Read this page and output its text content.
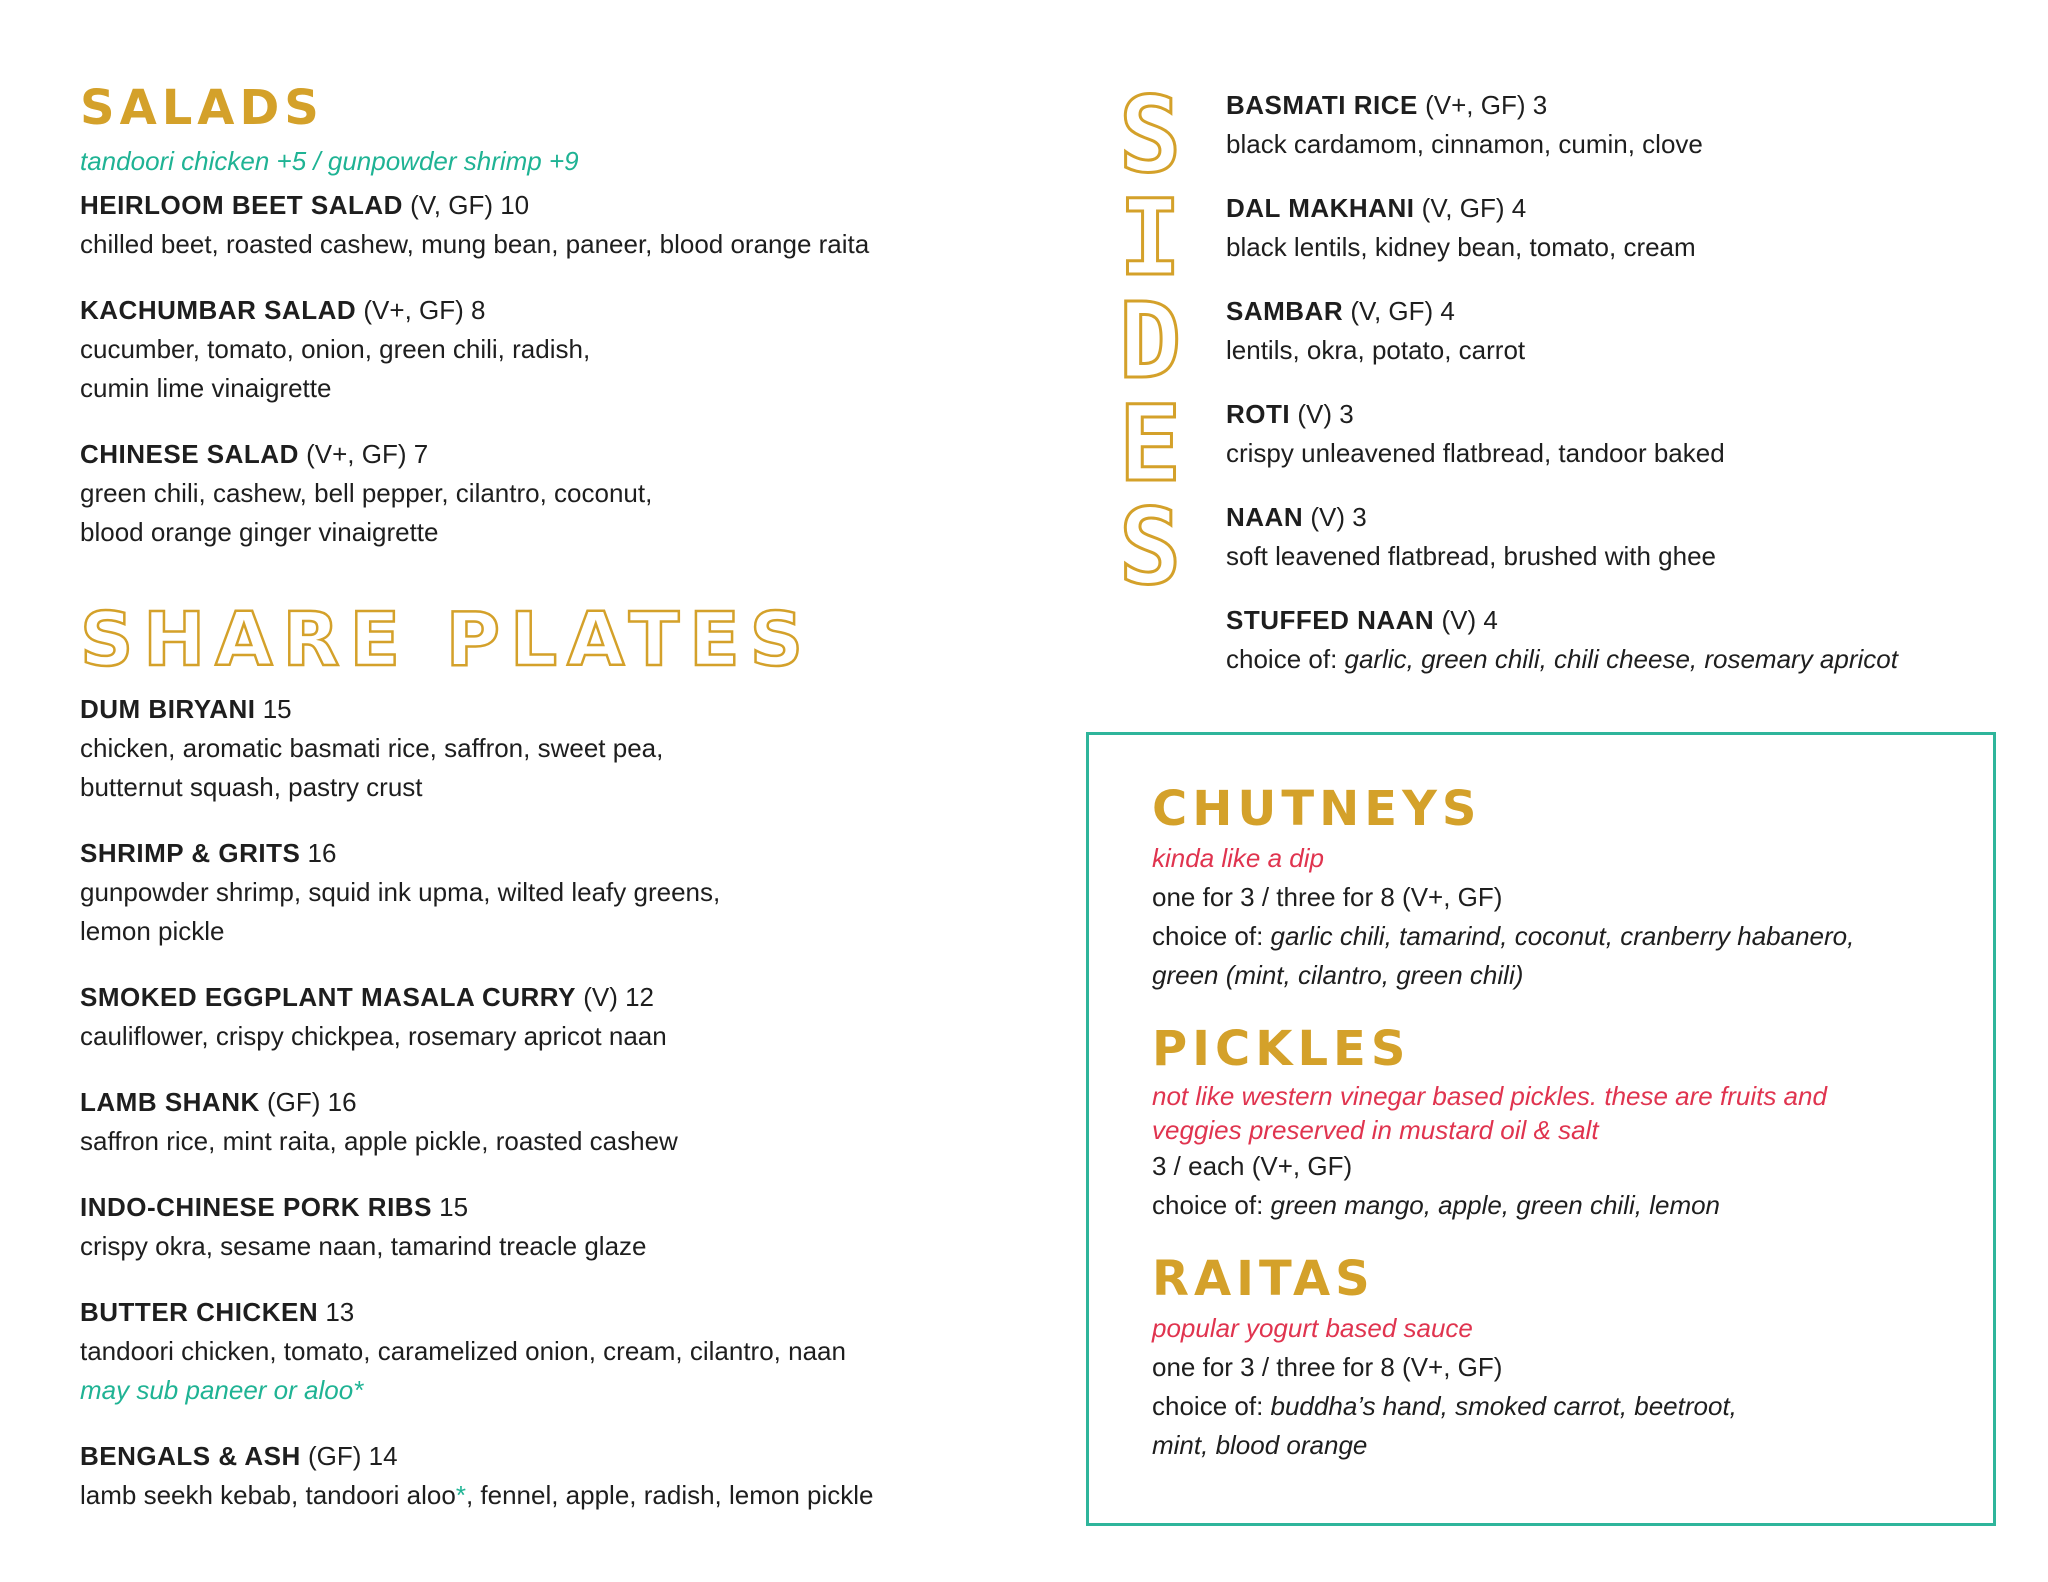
SALADS
tandoori chicken +5 / gunpowder shrimp +9
HEIRLOOM BEET SALAD (V, GF) 10
chilled beet, roasted cashew, mung bean, paneer, blood orange raita
KACHUMBAR SALAD (V+, GF) 8
cucumber, tomato, onion, green chili, radish,
cumin lime vinaigrette
CHINESE SALAD (V+, GF) 7
green chili, cashew, bell pepper, cilantro, coconut,
blood orange ginger vinaigrette
SHARE PLATES
DUM BIRYANI 15
chicken, aromatic basmati rice, saffron, sweet pea,
butternut squash, pastry crust
SHRIMP & GRITS 16
gunpowder shrimp, squid ink upma, wilted leafy greens,
lemon pickle
SMOKED EGGPLANT MASALA CURRY (V) 12
cauliflower, crispy chickpea, rosemary apricot naan
LAMB SHANK (GF) 16
saffron rice, mint raita, apple pickle, roasted cashew
INDO-CHINESE PORK RIBS 15
crispy okra, sesame naan, tamarind treacle glaze
BUTTER CHICKEN 13
tandoori chicken, tomato, caramelized onion, cream, cilantro, naan
may sub paneer or aloo*
BENGALS & ASH (GF) 14
lamb seekh kebab, tandoori aloo*, fennel, apple, radish, lemon pickle
S
I
D
E
S
BASMATI RICE (V+, GF) 3
black cardamom, cinnamon, cumin, clove
DAL MAKHANI (V, GF) 4
black lentils, kidney bean, tomato, cream
SAMBAR (V, GF) 4
lentils, okra, potato, carrot
ROTI (V) 3
crispy unleavened flatbread, tandoor baked
NAAN (V) 3
soft leavened flatbread, brushed with ghee
STUFFED NAAN (V) 4
choice of: garlic, green chili, chili cheese, rosemary apricot
CHUTNEYS
kinda like a dip
one for 3 / three for 8 (V+, GF)
choice of: garlic chili, tamarind, coconut, cranberry habanero,
green (mint, cilantro, green chili)
PICKLES
not like western vinegar based pickles. these are fruits and
veggies preserved in mustard oil & salt
3 / each (V+, GF)
choice of: green mango, apple, green chili, lemon
RAITAS
popular yogurt based sauce
one for 3 / three for 8 (V+, GF)
choice of: buddha’s hand, smoked carrot, beetroot,
mint, blood orange
